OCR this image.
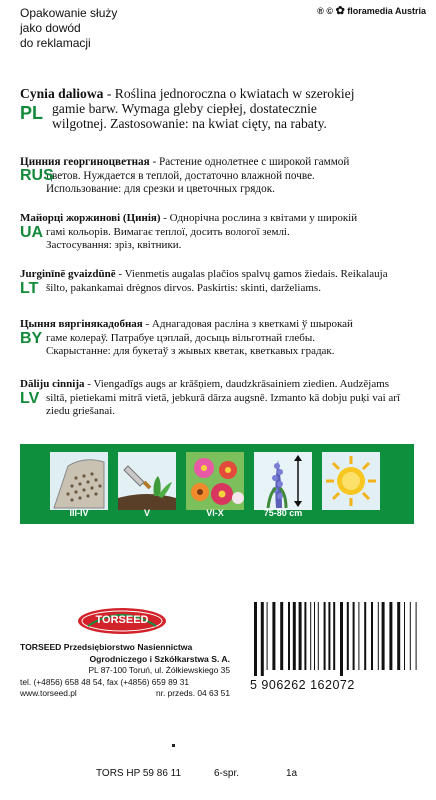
Opakowanie służy
jako dowód
do reklamacji
® © ✿ floramedia Austria
PL
Cynia daliowa - Roślina jednoroczna o kwiatach w szerokiej
gamie barw. Wymaga gleby ciepłej, dostatecznie
wilgotnej. Zastosowanie: na kwiat cięty, na rabaty.
RUS
Цинния георгиноцветная - Растение однолетнее с широкой гаммой
цветов. Нуждается в теплой, достаточно влажной почве.
Использование: для срезки и цветочных грядок.
UA
Майорці жоржинові (Цинія) - Однорічна рослина з квітами у широкій
гамі кольорів. Вимагає теплої, досить вологої землі.
Застосування: зріз, квітники.
LT
Jurginīnē gvaizdūnē - Vienmetis augalas plačios spalvų gamos žiedais. Reikalauja
šilto, pakankamai drėgnos dirvos. Paskirtis: skinti, darželiams.
BY
Цыння вяргінякадобная - Аднагадовая расліна з кветкамі ў шырокай
гаме колераў. Патрабуе цэплай, досыць вільготнай глебы.
Скарыстанне: для букетаў з жывых кветак, кветкавых градак.
LV
Dāliju cinnija - Viengadīgs augs ar krāšņiem, daudzkrāsainiem ziedien. Audzējams
siltā, pietiekami mitrā vietā, jebkurā dārza augsnē. Izmanto kā dobju puķi vai arī
ziedu griešanai.
III-IV	V	VI-X	75-80 cm
TORSEED
TORSEED Przedsiębiorstwo Nasiennictwa
Ogrodniczego i Szkółkarstwa S. A.
PL 87-100 Toruń, ul. Żółkiewskiego 35
tel. (+4856) 658 48 54, fax (+4856) 659 89 31
www.torseed.pl	nr. przeds. 04 63 51
5 906262 162072
TORS HP 59 86 11	6-spr.	1a
